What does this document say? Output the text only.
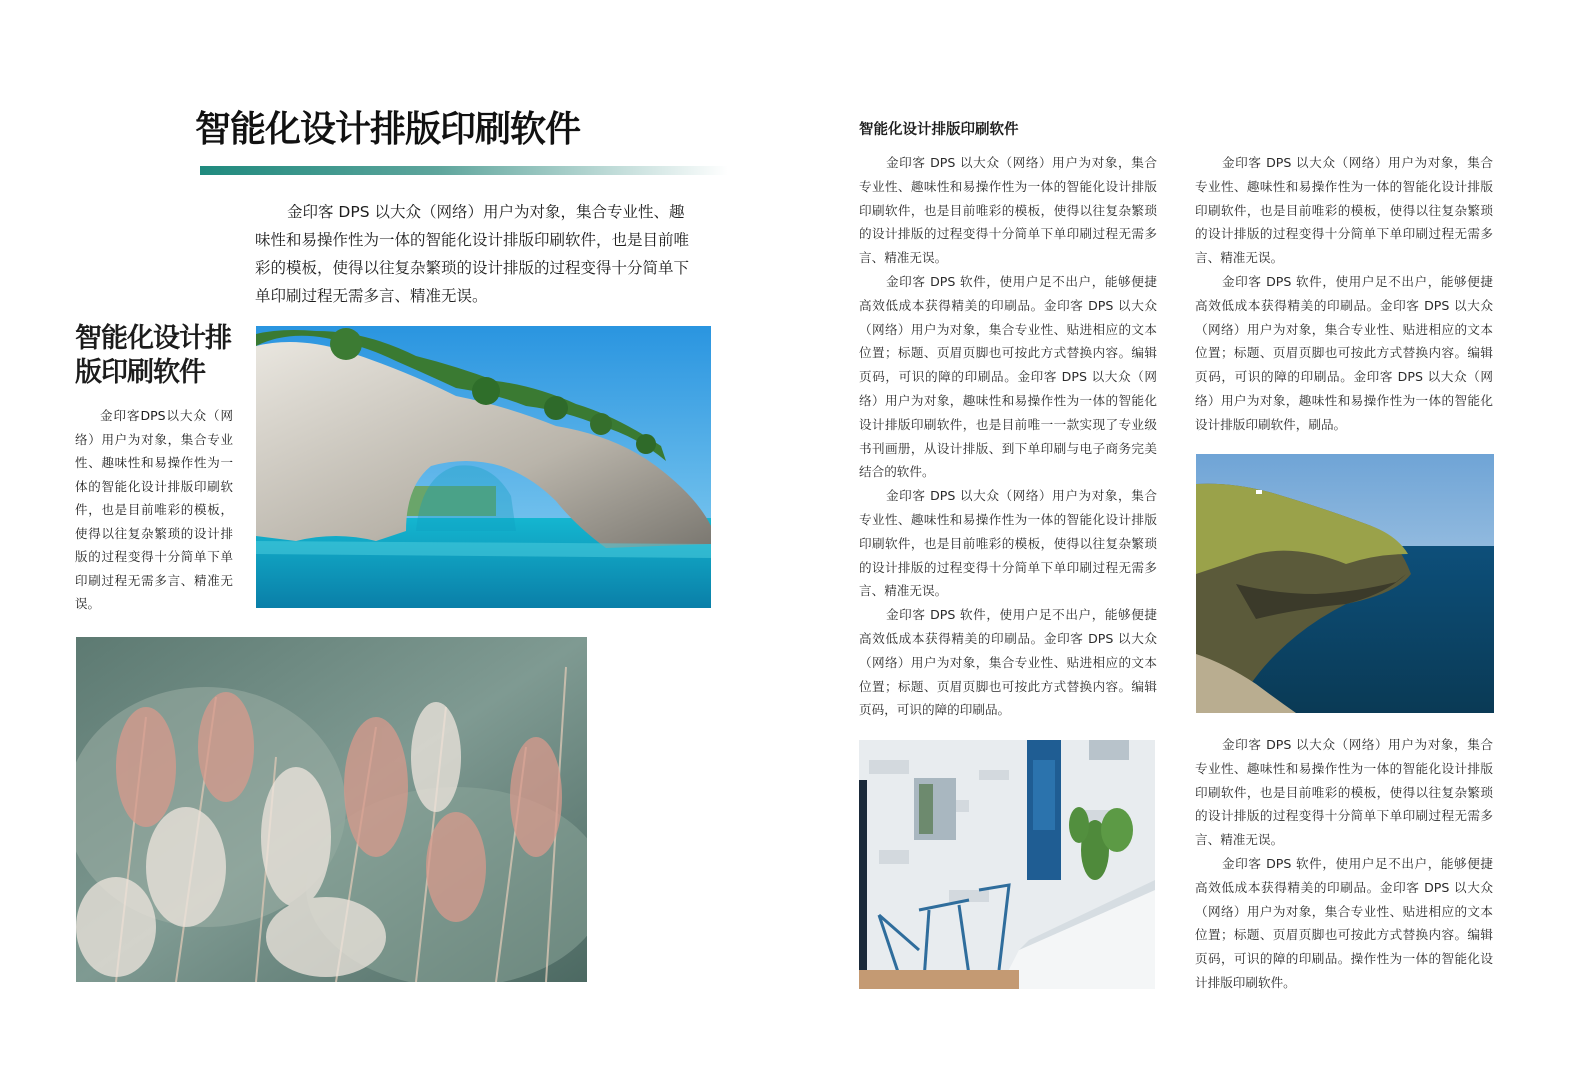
智能化设计排版印刷软件

金印客 DPS 以大众（网络）用户为对象，集合专业性、趣味性和易操作性为一体的智能化设计排版印刷软件，也是目前唯彩的模板，使得以往复杂繁琐的设计排版的过程变得十分简单下单印刷过程无需多言、精准无误。

智能化设计排版印刷软件

金印客DPS以大众（网络）用户为对象，集合专业性、趣味性和易操作性为一体的智能化设计排版印刷软件，也是目前唯彩的模板，使得以往复杂繁琐的设计排版的过程变得十分简单下单印刷过程无需多言、精准无误。

智能化设计排版印刷软件

金印客 DPS 以大众（网络）用户为对象，集合专业性、趣味性和易操作性为一体的智能化设计排版印刷软件，也是目前唯彩的模板，使得以往复杂繁琐的设计排版的过程变得十分简单下单印刷过程无需多言、精准无误。

金印客 DPS 软件，使用户足不出户，能够便捷高效低成本获得精美的印刷品。金印客 DPS 以大众（网络）用户为对象，集合专业性、贴进相应的文本位置；标题、页眉页脚也可按此方式替换内容。编辑页码，可识的障的印刷品。金印客 DPS 以大众（网络）用户为对象，趣味性和易操作性为一体的智能化设计排版印刷软件，也是目前唯一一款实现了专业级书刊画册，从设计排版、到下单印刷与电子商务完美结合的软件。

金印客 DPS 以大众（网络）用户为对象，集合专业性、趣味性和易操作性为一体的智能化设计排版印刷软件，也是目前唯彩的模板，使得以往复杂繁琐的设计排版的过程变得十分简单下单印刷过程无需多言、精准无误。

金印客 DPS 软件，使用户足不出户，能够便捷高效低成本获得精美的印刷品。金印客 DPS 以大众（网络）用户为对象，集合专业性、贴进相应的文本位置；标题、页眉页脚也可按此方式替换内容。编辑页码，可识的障的印刷品。

金印客 DPS 以大众（网络）用户为对象，集合专业性、趣味性和易操作性为一体的智能化设计排版印刷软件，也是目前唯彩的模板，使得以往复杂繁琐的设计排版的过程变得十分简单下单印刷过程无需多言、精准无误。

金印客 DPS 软件，使用户足不出户，能够便捷高效低成本获得精美的印刷品。金印客 DPS 以大众（网络）用户为对象，集合专业性、贴进相应的文本位置；标题、页眉页脚也可按此方式替换内容。编辑页码，可识的障的印刷品。金印客 DPS 以大众（网络）用户为对象，趣味性和易操作性为一体的智能化设计排版印刷软件，刷品。

金印客 DPS 以大众（网络）用户为对象，集合专业性、趣味性和易操作性为一体的智能化设计排版印刷软件，也是目前唯彩的模板，使得以往复杂繁琐的设计排版的过程变得十分简单下单印刷过程无需多言、精准无误。

金印客 DPS 软件，使用户足不出户，能够便捷高效低成本获得精美的印刷品。金印客 DPS 以大众（网络）用户为对象，集合专业性、贴进相应的文本位置；标题、页眉页脚也可按此方式替换内容。编辑页码，可识的障的印刷品。操作性为一体的智能化设计排版印刷软件。
